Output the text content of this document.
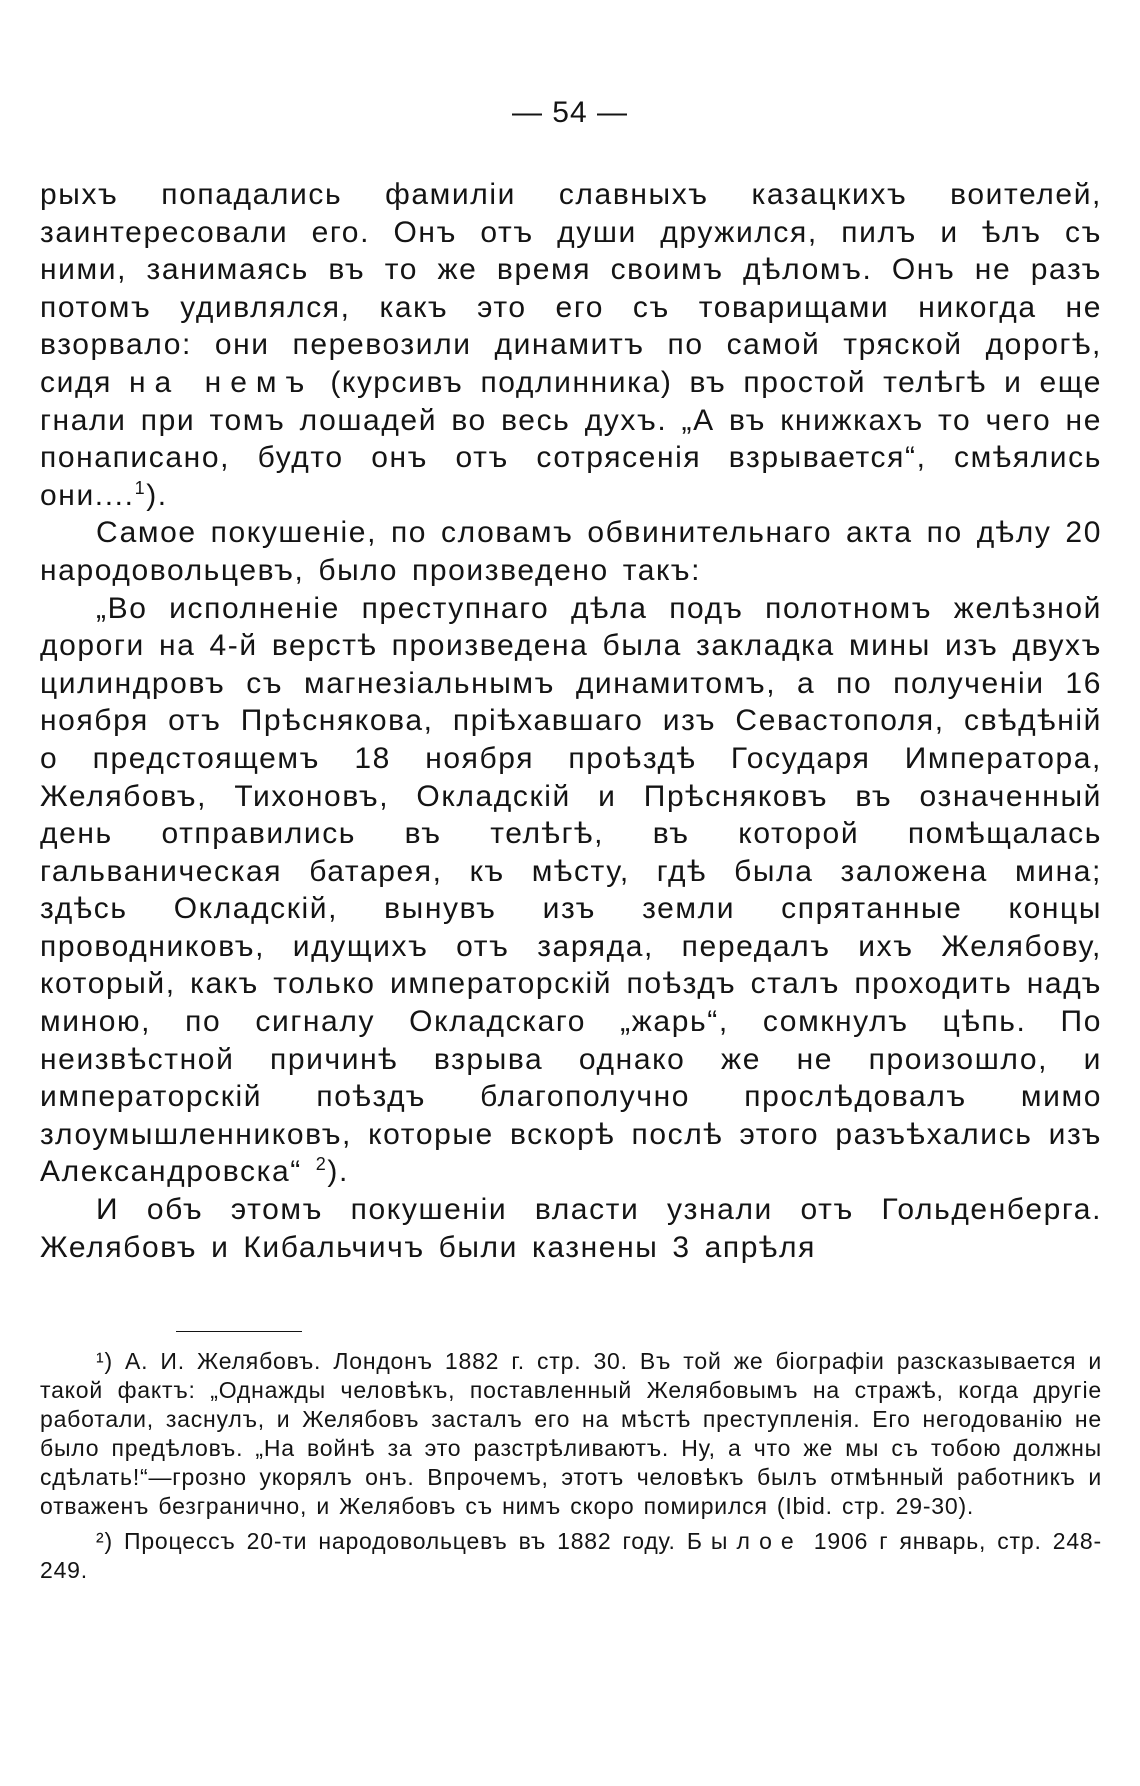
— 54 —

рыхъ попадались фамиліи славныхъ казацкихъ воителей, заинтересовали его. Онъ отъ души дружился, пилъ и ѣлъ съ ними, занимаясь въ то же время своимъ дѣломъ. Онъ не разъ потомъ удивлялся, какъ это его съ товарищами никогда не взорвало: они перевозили динамитъ по самой тряской дорогѣ, сидя на немъ (курсивъ подлинника) въ простой телѣгѣ и еще гнали при томъ лошадей во весь духъ. „А въ книжкахъ то чего не понаписано, будто онъ отъ сотрясенія взрывается“, смѣялись они....$^1$).

Самое покушеніе, по словамъ обвинительнаго акта по дѣлу 20 народовольцевъ, было произведено такъ:

„Во исполненіе преступнаго дѣла подъ полотномъ желѣзной дороги на 4-й верстѣ произведена была закладка мины изъ двухъ цилиндровъ съ магнезіальнымъ динамитомъ, а по полученіи 16 ноября отъ Прѣснякова, пріѣхавшаго изъ Севастополя, свѣдѣній о предстоящемъ 18 ноября проѣздѣ Государя Императора, Желябовъ, Тихоновъ, Окладскій и Прѣсняковъ въ означенный день отправились въ телѣгѣ, въ которой помѣщалась гальваническая батарея, къ мѣсту, гдѣ была заложена мина; здѣсь Окладскій, вынувъ изъ земли спрятанные концы проводниковъ, идущихъ отъ заряда, передалъ ихъ Желябову, который, какъ только императорскій поѣздъ сталъ проходить надъ миною, по сигналу Окладскаго „жарь“, сомкнулъ цѣпь. По неизвѣстной причинѣ взрыва однако же не произошло, и императорскій поѣздъ благополучно прослѣдовалъ мимо злоумышленниковъ, которые вскорѣ послѣ этого разъѣхались изъ Александровска“ $^2$).

И объ этомъ покушеніи власти узнали отъ Гольденберга. Желябовъ и Кибальчичъ были казнены 3 апрѣля

¹) А. И. Желябовъ. Лондонъ 1882 г. стр. 30. Въ той же біографіи разсказывается и такой фактъ: „Однажды человѣкъ, поставленный Желябовымъ на стражѣ, когда другіе работали, заснулъ, и Желябовъ засталъ его на мѣстѣ преступленія. Его негодованію не было предѣловъ. „На войнѣ за это разстрѣливаютъ. Ну, а что же мы съ тобою должны сдѣлать!“—грозно укорялъ онъ. Впрочемъ, этотъ человѣкъ былъ отмѣнный работникъ и отваженъ безгранично, и Желябовъ съ нимъ скоро помирился (Ibid. стр. 29-30).

²) Процессъ 20-ти народовольцевъ въ 1882 году. Былое 1906 г январь, стр. 248-249.
